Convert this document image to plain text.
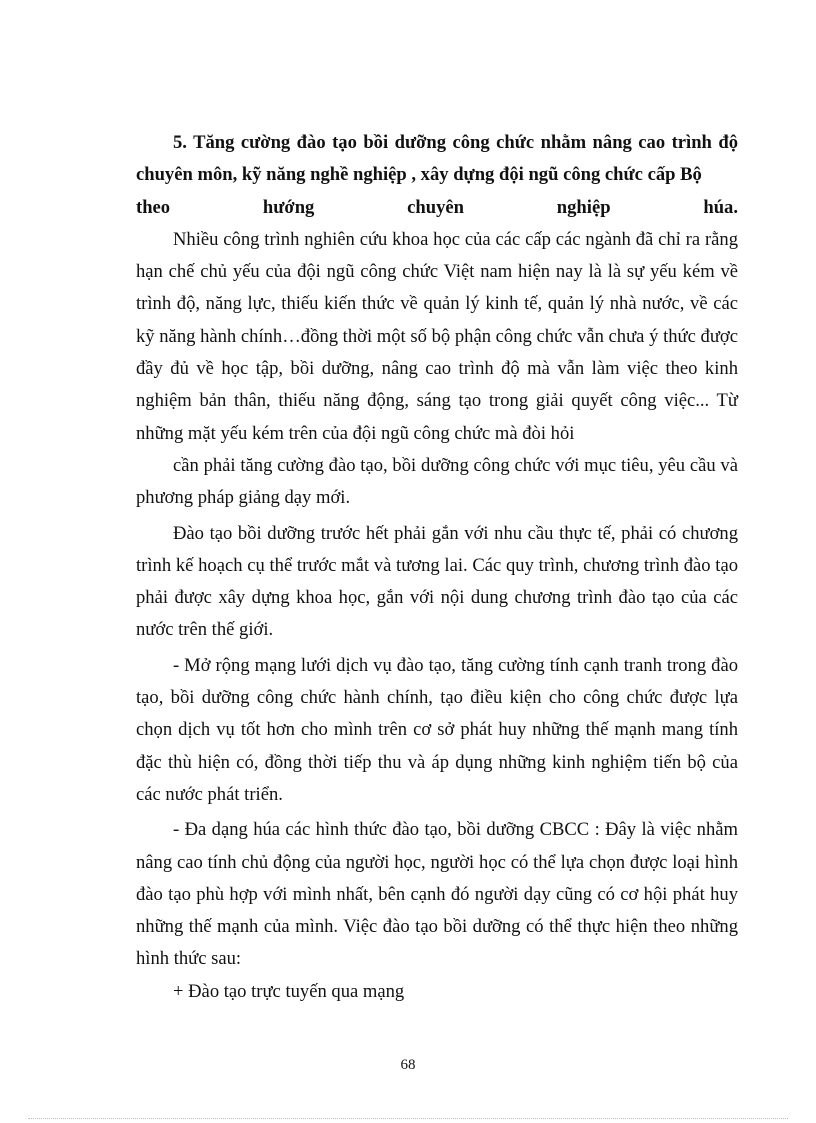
5. Tăng cường đào tạo bồi dưỡng công chức nhằm nâng cao trình độ chuyên môn, kỹ năng nghề nghiệp , xây dựng đội ngũ công chức cấp Bộ

theo	hướng	chuyên	nghiệp	húa.

Nhiều công trình nghiên cứu khoa học của các cấp các ngành đã chỉ ra rằng hạn chế chủ yếu của đội ngũ công chức Việt nam hiện nay là là sự yếu kém về trình độ, năng lực, thiếu kiến thức về quản lý kinh tế, quản lý nhà nước, về các kỹ năng hành chính…đồng thời một số bộ phận công chức vẫn chưa ý thức được đầy đủ về học tập, bồi dưỡng, nâng cao trình độ mà vẫn làm việc theo kinh nghiệm bản thân, thiếu năng động, sáng tạo trong giải quyết công việc... Từ những mặt yếu kém trên của đội ngũ công chức mà đòi hỏi

cần phải tăng cường đào tạo, bồi dưỡng công chức với mục tiêu, yêu cầu và phương pháp giảng dạy mới.

Đào tạo bồi dưỡng trước hết phải gắn với nhu cầu thực tế, phải có chương trình kế hoạch cụ thể trước mắt và tương lai. Các quy trình, chương trình đào tạo phải được xây dựng khoa học, gắn với nội dung chương trình đào tạo của các nước trên thế giới.

- Mở rộng mạng lưới dịch vụ đào tạo, tăng cường tính cạnh tranh trong đào tạo, bồi dưỡng công chức hành chính, tạo điều kiện cho công chức được lựa chọn dịch vụ tốt hơn cho mình trên cơ sở phát huy những thế mạnh mang tính đặc thù hiện có, đồng thời tiếp thu và áp dụng những kinh nghiệm tiến bộ của các nước phát triển.

- Đa dạng húa các hình thức đào tạo, bồi dưỡng CBCC : Đây là việc nhằm nâng cao tính chủ động của người học, người học có thể lựa chọn được loại hình đào tạo phù hợp với mình nhất, bên cạnh đó người dạy cũng có cơ hội phát huy những thế mạnh của mình. Việc đào tạo bồi dưỡng có thể thực hiện theo những hình thức sau:

+ Đào tạo trực tuyến qua mạng

68
